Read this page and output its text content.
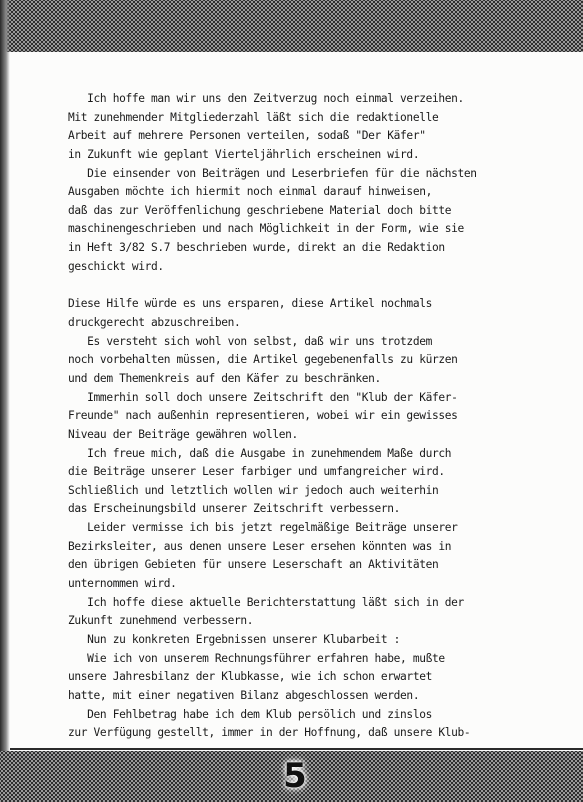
Ich hoffe man wir uns den Zeitverzug noch einmal verzeihen.
Mit zunehmender Mitgliederzahl läßt sich die redaktionelle
Arbeit auf mehrere Personen verteilen, sodaß "Der Käfer"
in Zukunft wie geplant Vierteljährlich erscheinen wird.
Die einsender von Beiträgen und Leserbriefen für die nächsten
Ausgaben möchte ich hiermit noch einmal darauf hinweisen,
daß das zur Veröffenlichung geschriebene Material doch bitte
maschinengeschrieben und nach Möglichkeit in der Form, wie sie
in Heft 3/82 S.7 beschrieben wurde, direkt an die Redaktion
geschickt wird.
Diese Hilfe würde es uns ersparen, diese Artikel nochmals
druckgerecht abzuschreiben.
Es versteht sich wohl von selbst, daß wir uns trotzdem
noch vorbehalten müssen, die Artikel gegebenenfalls zu kürzen
und dem Themenkreis auf den Käfer zu beschränken.
Immerhin soll doch unsere Zeitschrift den "Klub der Käfer-
Freunde" nach außenhin representieren, wobei wir ein gewisses
Niveau der Beiträge gewähren wollen.
Ich freue mich, daß die Ausgabe in zunehmendem Maße durch
die Beiträge unserer Leser farbiger und umfangreicher wird.
Schließlich und letztlich wollen wir jedoch auch weiterhin
das Erscheinungsbild unserer Zeitschrift verbessern.
Leider vermisse ich bis jetzt regelmäßige Beiträge unserer
Bezirksleiter, aus denen unsere Leser ersehen könnten was in
den übrigen Gebieten für unsere Leserschaft an Aktivitäten
unternommen wird.
Ich hoffe diese aktuelle Berichterstattung läßt sich in der
Zukunft zunehmend verbessern.
Nun zu konkreten Ergebnissen unserer Klubarbeit :
Wie ich von unserem Rechnungsführer erfahren habe, mußte
unsere Jahresbilanz der Klubkasse, wie ich schon erwartet
hatte, mit einer negativen Bilanz abgeschlossen werden.
Den Fehlbetrag habe ich dem Klub persölich und zinslos
zur Verfügung gestellt, immer in der Hoffnung, daß unsere Klub-
5
